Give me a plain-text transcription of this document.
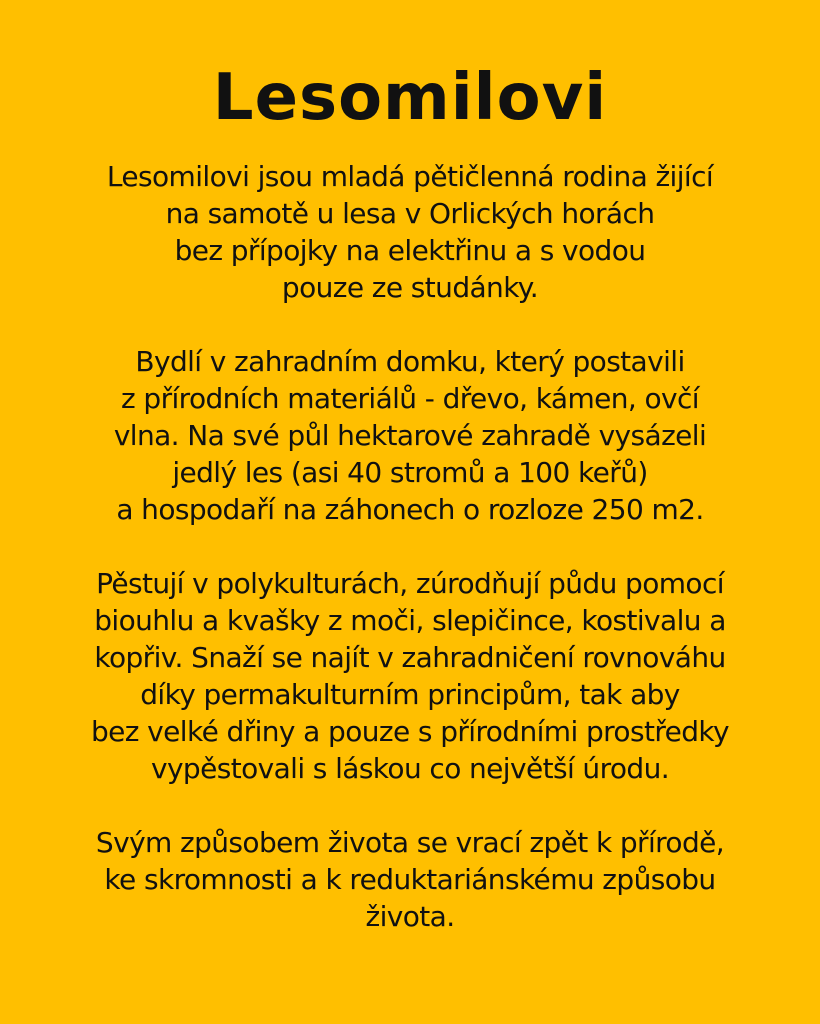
Lesomilovi

Lesomilovi jsou mladá pětičlenná rodina žijící
na samotě u lesa v Orlických horách
bez přípojky na elektřinu a s vodou
pouze ze studánky.

Bydlí v zahradním domku, který postavili
z přírodních materiálů - dřevo, kámen, ovčí
vlna. Na své půl hektarové zahradě vysázeli
jedlý les (asi 40 stromů a 100 keřů)
a hospodaří na záhonech o rozloze 250 m2.

Pěstují v polykulturách, zúrodňují půdu pomocí
biouhlu a kvašky z moči, slepičince, kostivalu a
kopřiv. Snaží se najít v zahradničení rovnováhu
díky permakulturním principům, tak aby
bez velké dřiny a pouze s přírodními prostředky
vypěstovali s láskou co největší úrodu.

Svým způsobem života se vrací zpět k přírodě,
ke skromnosti a k reduktariánskému způsobu
života.
